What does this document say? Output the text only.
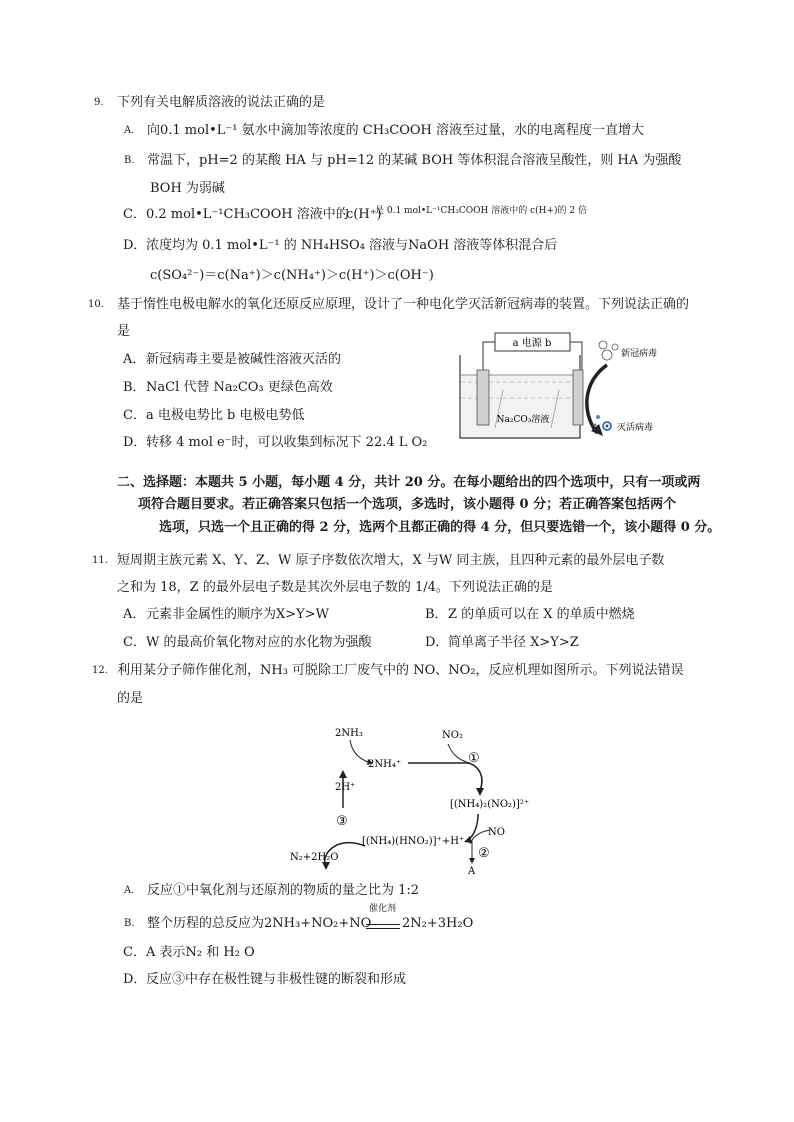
9. 下列有关电解质溶液的说法正确的是
A. 向0.1 mol•L⁻¹ 氨水中滴加等浓度的 CH₃COOH 溶液至过量，水的电离程度一直增大
B. 常温下，pH=2 的某酸 HA 与 pH=12 的某碱 BOH 等体积混合溶液呈酸性，则 HA 为强酸
BOH 为弱碱
C． 0.2 mol•L⁻¹CH₃COOH 溶液中的
c(H⁺)
是 0.1 mol•L⁻¹CH₃COOH 溶液中的 c(H+)的 2 倍
D． 浓度均为 0.1 mol•L⁻¹ 的 NH₄HSO₄ 溶液与NaOH 溶液等体积混合后
c(SO₄²⁻)＝c(Na⁺)＞c(NH₄⁺)＞c(H⁺)＞c(OH⁻)
10. 基于惰性电极电解水的氧化还原反应原理，设计了一种电化学灭活新冠病毒的装置。下列说法正确的
是
A． 新冠病毒主要是被碱性溶液灭活的
B． NaCl 代替 Na₂CO₃ 更绿色高效
C． a 电极电势比 b 电极电势低
D． 转移 4 mol e⁻时，可以收集到标况下 22.4 L O₂
a 电源 b
Na₂CO₃溶液
新冠病毒
灭活病毒
二、选择题：本题共 5 小题，每小题 4 分，共计 20 分。在每小题给出的四个选项中，只有一项或两
项符合题目要求。若正确答案只包括一个选项，多选时，该小题得 0 分；若正确答案包括两个
选项，只选一个且正确的得 2 分，选两个且都正确的得 4 分，但只要选错一个，该小题得 0 分。
11. 短周期主族元素 X、Y、Z、W 原子序数依次增大，X 与W 同主族，且四种元素的最外层电子数
之和为 18，Z 的最外层电子数是其次外层电子数的 1/4。下列说法正确的是
A． 元素非金属性的顺序为X>Y>W	B． Z 的单质可以在 X 的单质中燃烧
C． W 的最高价氧化物对应的水化物为强酸	D． 简单离子半径 X>Y>Z
12. 利用某分子筛作催化剂，NH₃ 可脱除工厂废气中的 NO、NO₂，反应机理如图所示。下列说法错误
的是
2NH₃	NO₂
2NH₄⁺	①
[(NH₄)₂(NO₂)]²⁺
2H⁺
③
N₂+2H₂O
[(NH₄)(HNO₂)]⁺+H⁺
NO
②
A
A. 反应①中氧化剂与还原剂的物质的量之比为 1:2
B. 整个历程的总反应为2NH₃+NO₂+NO
催化剂
2N₂+3H₂O
C． A 表示N₂ 和 H₂ O
D． 反应③中存在极性键与非极性键的断裂和形成
